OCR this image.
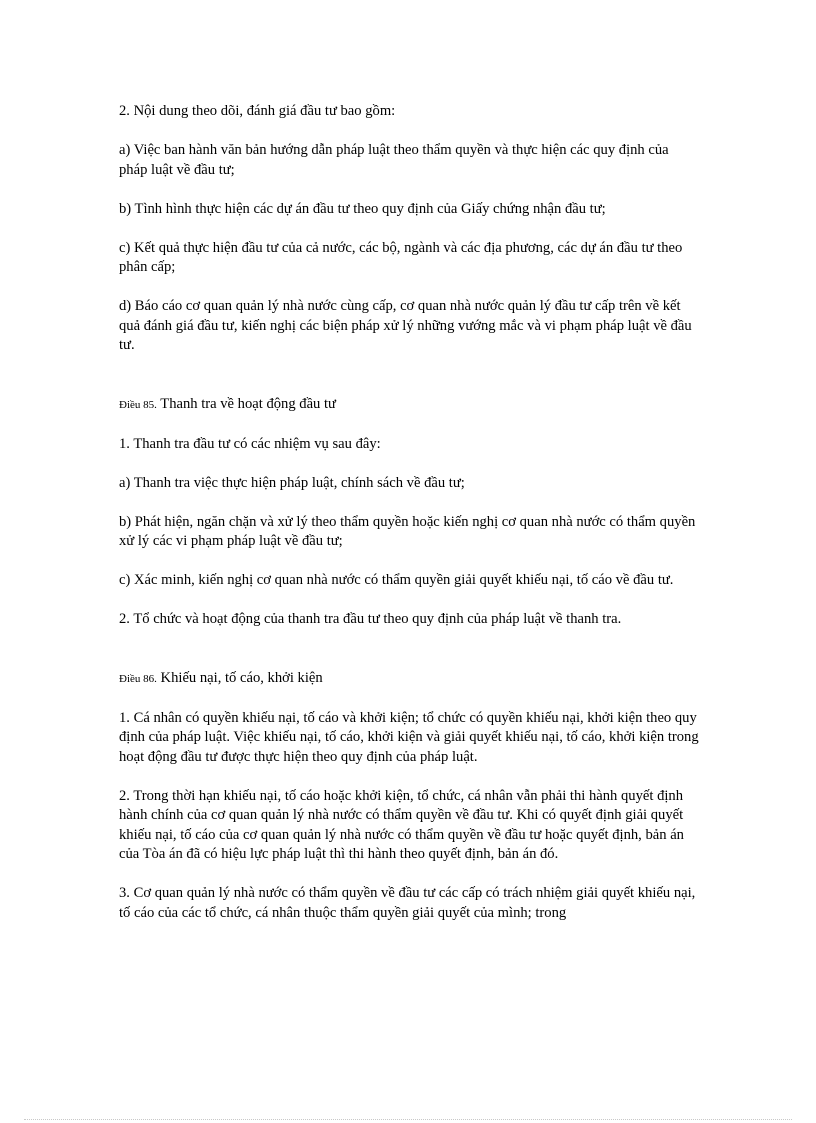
2. Nội dung theo dõi, đánh giá đầu tư bao gồm:

a) Việc ban hành văn bản hướng dẫn pháp luật theo thẩm quyền và thực hiện các quy định của pháp luật về đầu tư;

b) Tình hình thực hiện các dự án đầu tư theo quy định của Giấy chứng nhận đầu tư;

c) Kết quả thực hiện đầu tư của cả nước, các bộ, ngành và các địa phương, các dự án đầu tư theo phân cấp;

d) Báo cáo cơ quan quản lý nhà nước cùng cấp, cơ quan nhà nước quản lý đầu tư cấp trên về kết quả đánh giá đầu tư, kiến nghị các biện pháp xử lý những vướng mắc và vi phạm pháp luật về đầu tư.

Điều 85. Thanh tra về hoạt động đầu tư

1. Thanh tra đầu tư có các nhiệm vụ sau đây:

a) Thanh tra việc thực hiện pháp luật, chính sách về đầu tư;

b) Phát hiện, ngăn chặn và xử lý theo thẩm quyền hoặc kiến nghị cơ quan nhà nước có thẩm quyền xử lý các vi phạm pháp luật về đầu tư;

c) Xác minh, kiến nghị cơ quan nhà nước có thẩm quyền giải quyết khiếu nại, tố cáo về đầu tư.

2. Tổ chức và hoạt động của thanh tra đầu tư theo quy định của pháp luật về thanh tra.

Điều 86. Khiếu nại, tố cáo, khởi kiện

1. Cá nhân có quyền khiếu nại, tố cáo và khởi kiện; tổ chức có quyền khiếu nại, khởi kiện theo quy định của pháp luật. Việc khiếu nại, tố cáo, khởi kiện và giải quyết khiếu nại, tố cáo, khởi kiện trong hoạt động đầu tư được thực hiện theo quy định của pháp luật.

2. Trong thời hạn khiếu nại, tố cáo hoặc khởi kiện, tổ chức, cá nhân vẫn phải thi hành quyết định hành chính của cơ quan quản lý nhà nước có thẩm quyền về đầu tư. Khi có quyết định giải quyết khiếu nại, tố cáo của cơ quan quản lý nhà nước có thẩm quyền về đầu tư hoặc quyết định, bản án của Tòa án đã có hiệu lực pháp luật thì thi hành theo quyết định, bản án đó.

3. Cơ quan quản lý nhà nước có thẩm quyền về đầu tư các cấp có trách nhiệm giải quyết khiếu nại, tố cáo của các tổ chức, cá nhân thuộc thẩm quyền giải quyết của mình; trong
